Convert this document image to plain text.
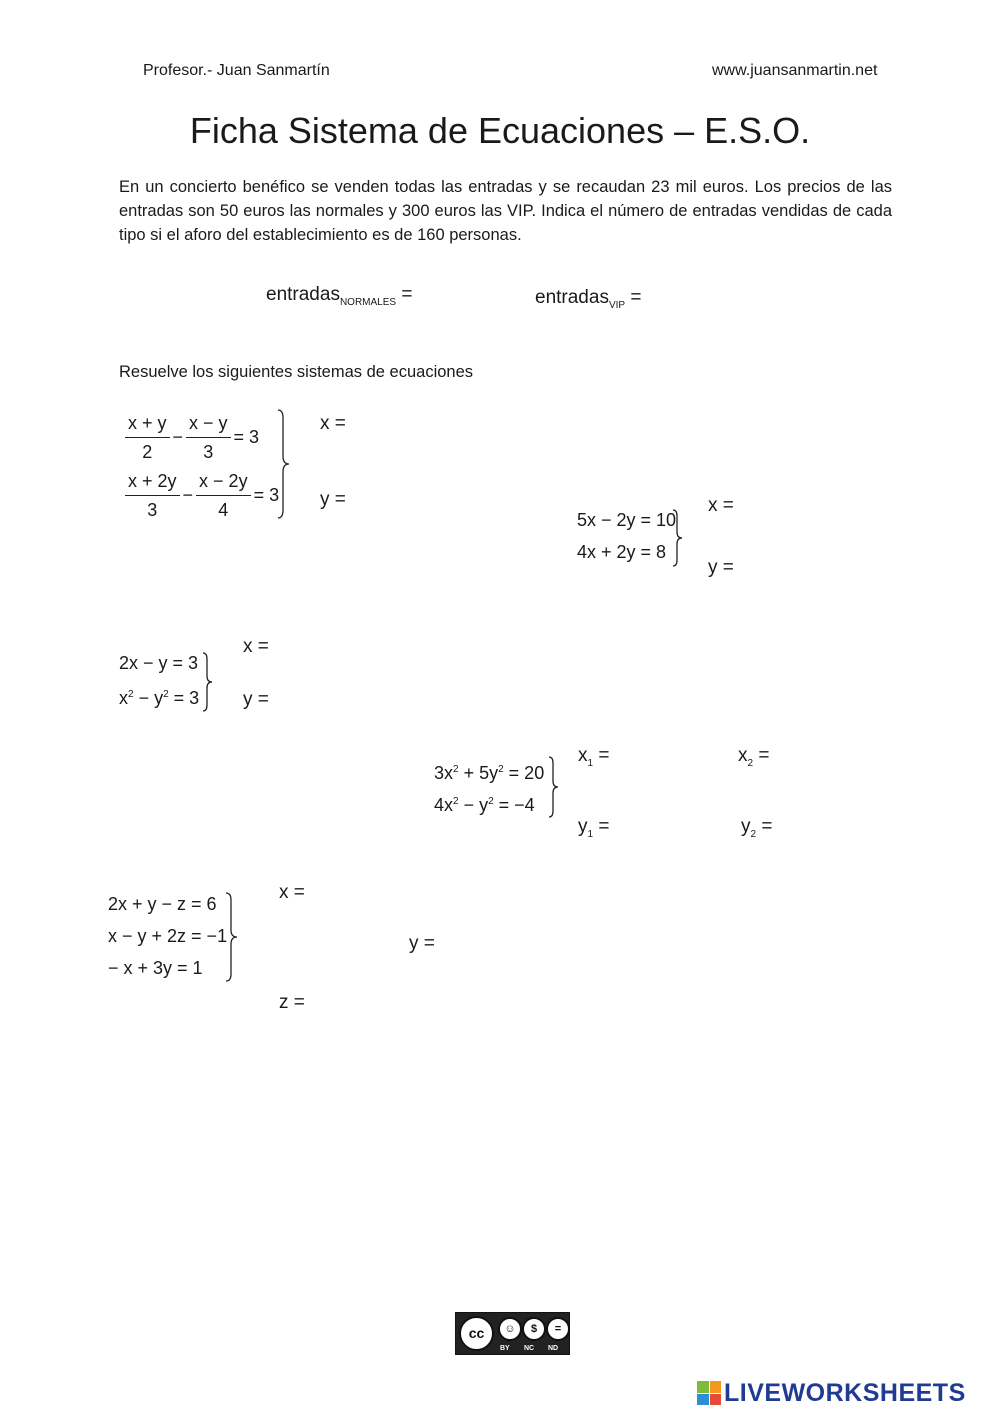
Profesor.- Juan Sanmartín	www.juansanmartin.net
Ficha Sistema de Ecuaciones – E.S.O.
En un concierto benéfico se venden todas las entradas y se recaudan 23 mil euros. Los precios de las entradas son 50 euros las normales y 300 euros las VIP. Indica el número de entradas vendidas de cada tipo si el aforo del establecimiento es de 160 personas.
entradas$_{NORMALES}$ =	entradas$_{VIP}$ =
Resuelve los siguientes sistemas de ecuaciones
$\frac{x + y}{2} - \frac{x - y}{3} = 3$
$\frac{x + 2y}{3} - \frac{x - 2y}{4} = 3$
x =
y =
5x − 2y = 10
4x + 2y = 8
x =
y =
2x − y = 3
$x^2 - y^2 = 3$
x =
y =
$3x^2 + 5y^2 = 20$
$4x^2 - y^2 = -4$
$x_1$ =	$x_2$ =
$y_1$ =	$y_2$ =
2x + y − z = 6
x − y + 2z = −1
− x + 3y = 1
x =
y =
z =
cc	☺	$	=
BY NC ND
LIVEWORKSHEETS
